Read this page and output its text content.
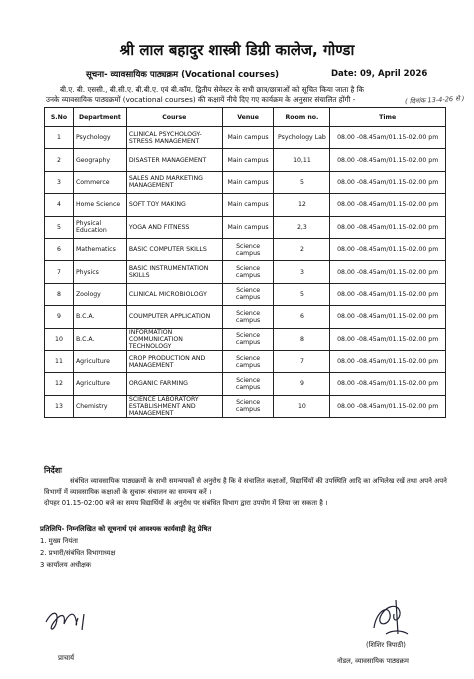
श्री लाल बहादुर शास्त्री डिग्री कालेज, गोण्डा
सूचना- व्यावसायिक पाठ्यक्रम (Vocational courses)	Date: 09, April 2026
बी.ए. बी. एससी., बी.सी.ए. बी.बी.ए. एवं बी.कॉम. द्वितीय सेमेस्टर के सभी छात्र/छात्राओं को सूचित किया जाता है कि
उनके व्यावसायिक पाठ्यक्रमों (vocational courses) की कक्षायें नीचे दिए गए कार्यक्रम के अनुसार संचालित होंगी -	( दिनांक 13-4-26 से )
S.No	Department	Course	Venue	Room no.	Time
1	Psychology	CLINICAL PSYCHOLOGY- STRESS MANAGEMENT	Main campus	Psychology Lab	08.00 -08.45am/01.15-02.00 pm
2	Geography	DISASTER MANAGEMENT	Main campus	10,11	08.00 -08.45am/01.15-02.00 pm
3	Commerce	SALES AND MARKETING MANAGEMENT	Main campus	5	08.00 -08.45am/01.15-02.00 pm
4	Home Science	SOFT TOY MAKING	Main campus	12	08.00 -08.45am/01.15-02.00 pm
5	Physical Education	YOGA AND FITNESS	Main campus	2,3	08.00 -08.45am/01.15-02.00 pm
6	Mathematics	BASIC COMPUTER SKILLS	Science campus	2	08.00 -08.45am/01.15-02.00 pm
7	Physics	BASIC INSTRUMENTATION SKILLS	Science campus	3	08.00 -08.45am/01.15-02.00 pm
8	Zoology	CLINICAL MICROBIOLOGY	Science campus	5	08.00 -08.45am/01.15-02.00 pm
9	B.C.A.	COUMPUTER APPLICATION	Science campus	6	08.00 -08.45am/01.15-02.00 pm
10	B.C.A.	INFORMATION COMMUNICATION TECHNOLOGY	Science campus	8	08.00 -08.45am/01.15-02.00 pm
11	Agriculture	CROP PRODUCTION AND MANAGEMENT	Science campus	7	08.00 -08.45am/01.15-02.00 pm
12	Agriculture	ORGANIC FARMING	Science campus	9	08.00 -08.45am/01.15-02.00 pm
13	Chemistry	SCIENCE LABORATORY ESTABLISHMENT AND MANAGEMENT	Science campus	10	08.00 -08.45am/01.15-02.00 pm
निर्देशः
संबंधित व्यावसायिक पाठ्यक्रमों के सभी समन्वयकों से अनुरोध है कि वे संचालित कक्षाओं, विद्यार्थियों की उपस्थिति आदि का अभिलेख रखें तथा अपने अपने विभागों में व्यावसायिक कक्षाओं के सुचारू संचालन का समन्वय करें ।
दोपहर 01.15-02:00 बजे का समय विद्यार्थियों के अनुरोध पर संबंधित विभाग द्वारा उपयोग में लिया जा सकता है ।
प्रतिलिपि- निम्नलिखित को सूचनार्थ एवं आवश्यक कार्यवाही हेतु प्रेषित
1. मुख्य नियंता
2. प्रभारी/संबंधित विभागाध्यक्ष
3 कार्यालय अधीक्षक
प्राचार्य
(शिशिर त्रिपाठी)
नोडल, व्यावसायिक पाठ्यक्रम
